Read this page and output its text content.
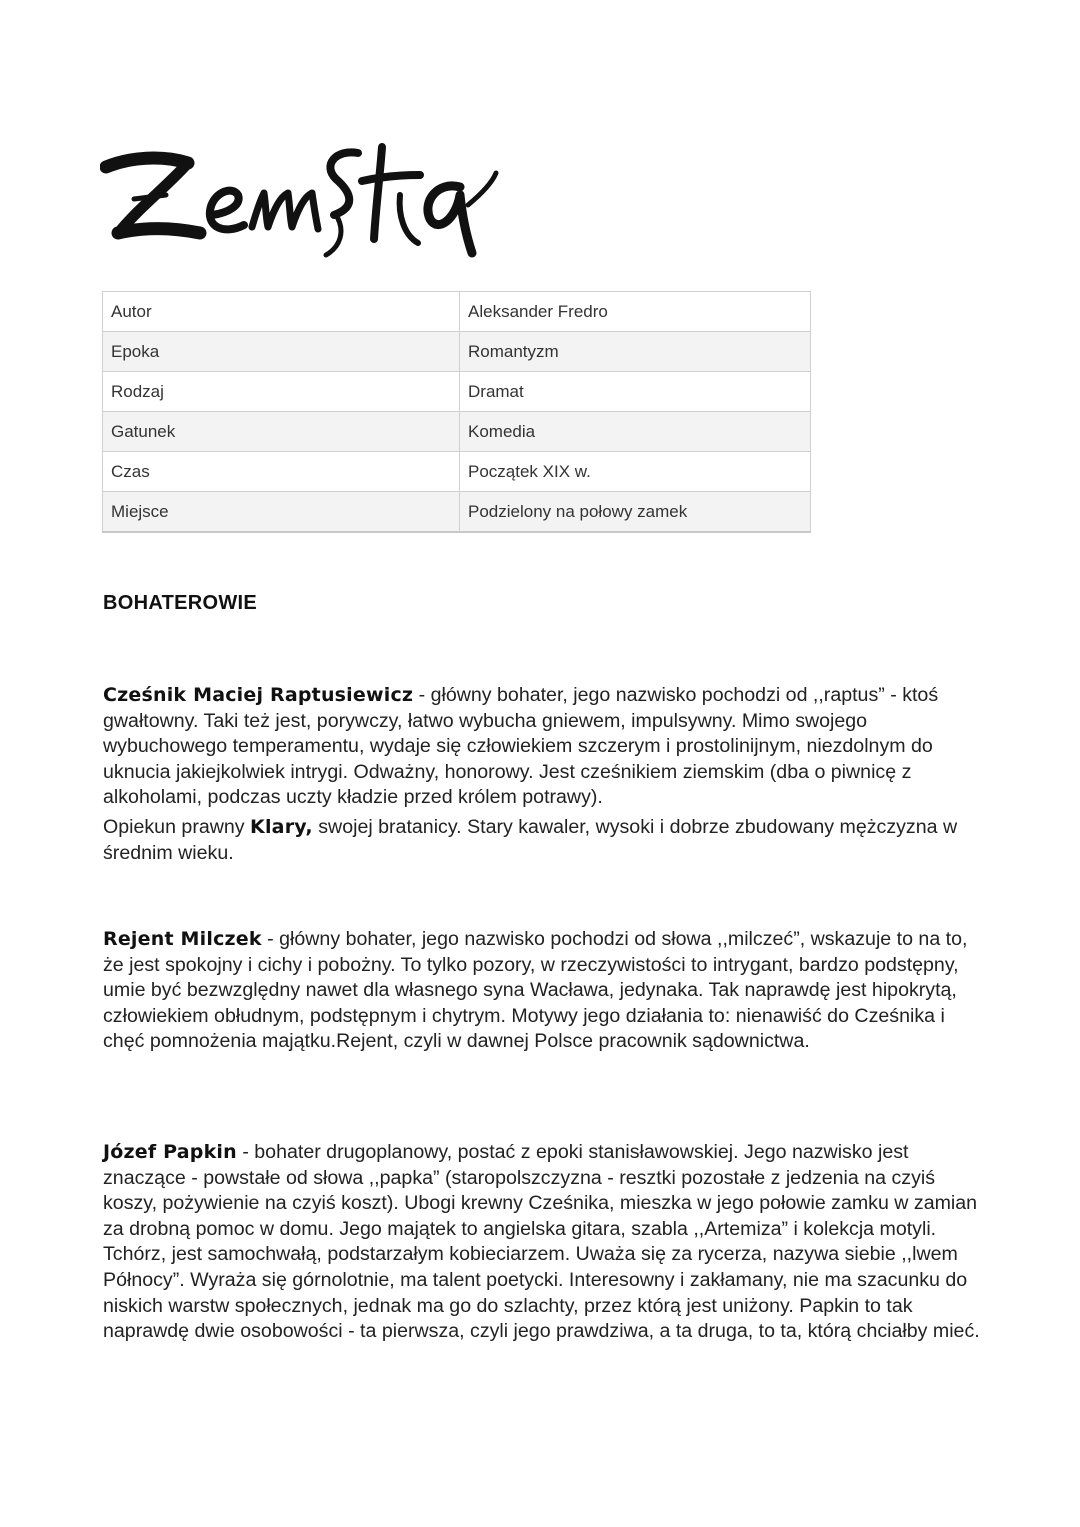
Autor	Aleksander Fredro
Epoka	Romantyzm
Rodzaj	Dramat
Gatunek	Komedia
Czas	Początek XIX w.
Miejsce	Podzielony na połowy zamek
BOHATEROWIE

Cześnik Maciej Raptusiewicz - główny bohater, jego nazwisko pochodzi od ,,raptus” - ktoś gwałtowny. Taki też jest, porywczy, łatwo wybucha gniewem, impulsywny. Mimo swojego wybuchowego temperamentu, wydaje się człowiekiem szczerym i prostolinijnym, niezdolnym do uknucia jakiejkolwiek intrygi. Odważny, honorowy. Jest cześnikiem ziemskim (dba o piwnicę z alkoholami, podczas uczty kładzie przed królem potrawy).

Opiekun prawny Klary, swojej bratanicy. Stary kawaler, wysoki i dobrze zbudowany mężczyzna w średnim wieku.

Rejent Milczek - główny bohater, jego nazwisko pochodzi od słowa ,,milczeć”, wskazuje to na to, że jest spokojny i cichy i pobożny. To tylko pozory, w rzeczywistości to intrygant, bardzo podstępny, umie być bezwzględny nawet dla własnego syna Wacława, jedynaka. Tak naprawdę jest hipokrytą, człowiekiem obłudnym, podstępnym i chytrym. Motywy jego działania to: nienawiść do Cześnika i chęć pomnożenia majątku.Rejent, czyli w dawnej Polsce pracownik sądownictwa.

Józef Papkin - bohater drugoplanowy, postać z epoki stanisławowskiej. Jego nazwisko jest znaczące - powstałe od słowa ,,papka” (staropolszczyzna - resztki pozostałe z jedzenia na czyiś koszy, pożywienie na czyiś koszt). Ubogi krewny Cześnika, mieszka w jego połowie zamku w zamian za drobną pomoc w domu. Jego majątek to angielska gitara, szabla ,,Artemiza” i kolekcja motyli. Tchórz, jest samochwałą, podstarzałym kobieciarzem. Uważa się za rycerza, nazywa siebie ,,lwem Północy”. Wyraża się górnolotnie, ma talent poetycki. Interesowny i zakłamany, nie ma szacunku do niskich warstw społecznych, jednak ma go do szlachty, przez którą jest uniżony. Papkin to tak naprawdę dwie osobowości - ta pierwsza, czyli jego prawdziwa, a ta druga, to ta, którą chciałby mieć.
